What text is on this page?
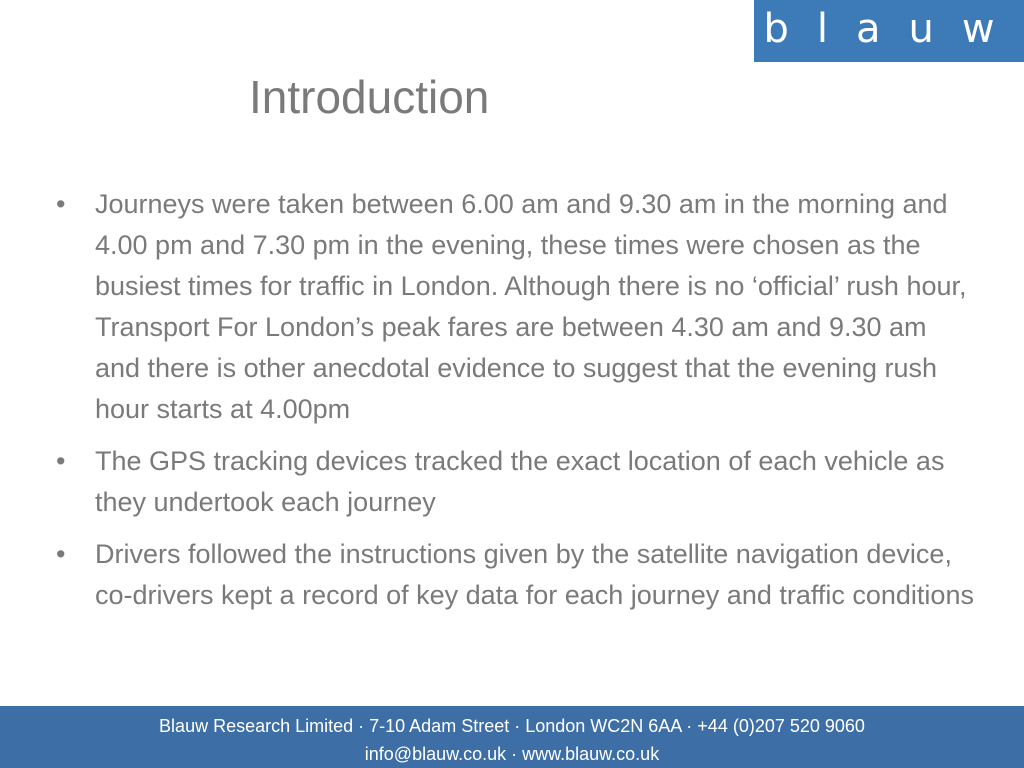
blauw
Introduction
• Journeys were taken between 6.00 am and 9.30 am in the morning and 4.00 pm and 7.30 pm in the evening, these times were chosen as the busiest times for traffic in London. Although there is no ‘official’ rush hour, Transport For London’s peak fares are between 4.30 am and 9.30 am and there is other anecdotal evidence to suggest that the evening rush hour starts at 4.00pm
• The GPS tracking devices tracked the exact location of each vehicle as they undertook each journey
• Drivers followed the instructions given by the satellite navigation device, co-drivers kept a record of key data for each journey and traffic conditions
Blauw Research Limited · 7-10 Adam Street · London WC2N 6AA · +44 (0)207 520 9060
info@blauw.co.uk · www.blauw.co.uk
